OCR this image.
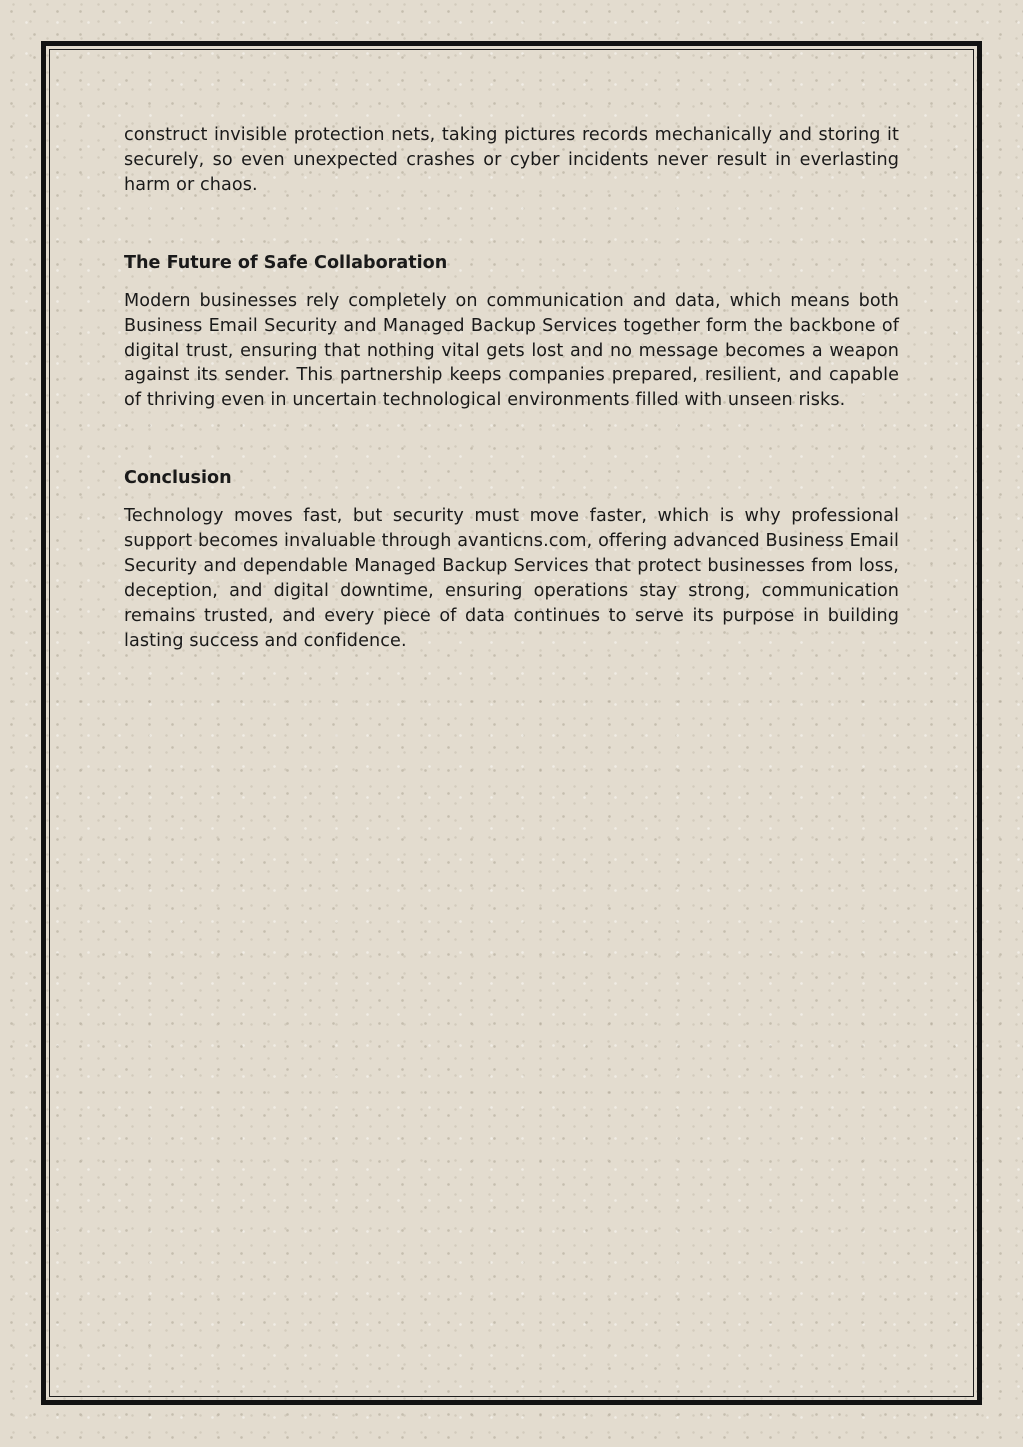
construct invisible protection nets, taking pictures records mechanically and storing it securely, so even unexpected crashes or cyber incidents never result in everlasting harm or chaos.

The Future of Safe Collaboration

Modern businesses rely completely on communication and data, which means both Business Email Security and Managed Backup Services together form the backbone of digital trust, ensuring that nothing vital gets lost and no message becomes a weapon against its sender. This partnership keeps companies prepared, resilient, and capable of thriving even in uncertain technological environments filled with unseen risks.

Conclusion

Technology moves fast, but security must move faster, which is why professional support becomes invaluable through avanticns.com, offering advanced Business Email Security and dependable Managed Backup Services that protect businesses from loss, deception, and digital downtime, ensuring operations stay strong, communication remains trusted, and every piece of data continues to serve its purpose in building lasting success and confidence.
